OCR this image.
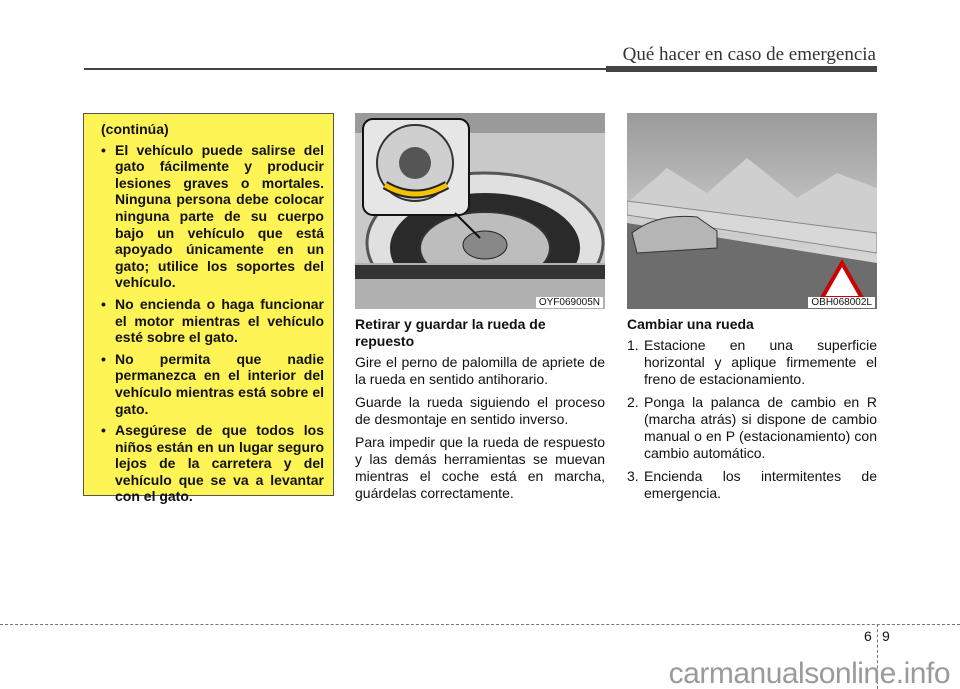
Qué hacer en caso de emergencia
(continúa)
• El vehículo puede salirse del gato fácilmente y producir lesiones graves o mortales. Ninguna persona debe colocar ninguna parte de su cuerpo bajo un vehículo que está apoyado únicamente en un gato; utilice los soportes del vehículo.
• No encienda o haga funcionar el motor mientras el vehículo esté sobre el gato.
• No permita que nadie permanezca en el interior del vehículo mientras está sobre el gato.
• Asegúrese de que todos los niños están en un lugar seguro lejos de la carretera y del vehículo que se va a levantar con el gato.
OYF069005N	OBH068002L
Retirar y guardar la rueda de repuesto

Gire el perno de palomilla de apriete de la rueda en sentido antihorario.

Guarde la rueda siguiendo el proceso de desmontaje en sentido inverso.

Para impedir que la rueda de respuesto y las demás herramientas se muevan mientras el coche está en marcha, guárdelas correctamente.

Cambiar una rueda
1. Estacione en una superficie horizontal y aplique firmemente el freno de estacionamiento.
2. Ponga la palanca de cambio en R (marcha atrás) si dispone de cambio manual o en P (estacionamiento) con cambio automático.
3. Encienda los intermitentes de emergencia.
6 9
carmanualsonline.info
